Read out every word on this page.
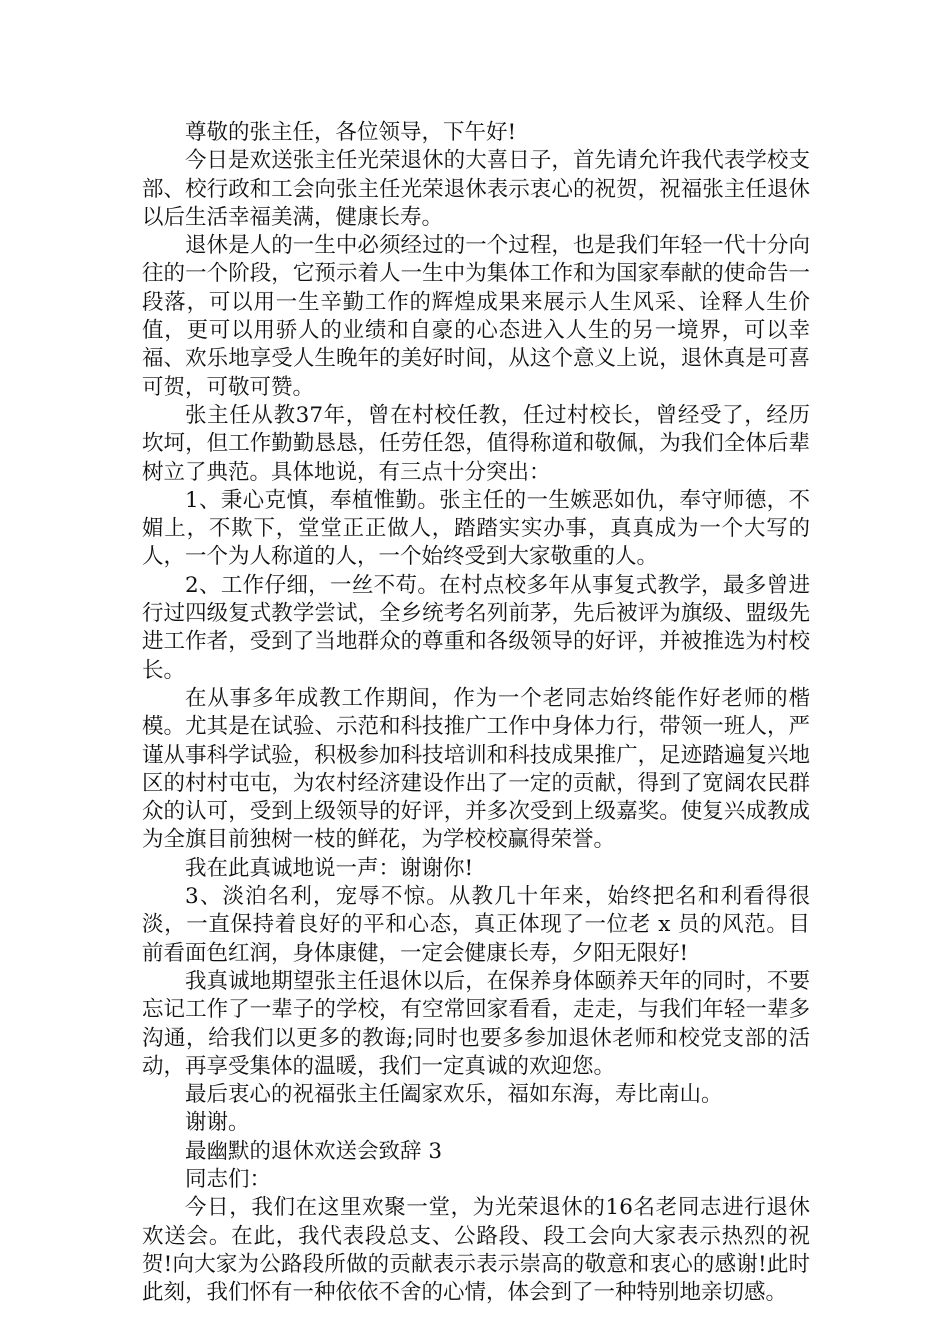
尊敬的张主任，各位领导，下午好!

今日是欢送张主任光荣退休的大喜日子，首先请允许我代表学校支部、校行政和工会向张主任光荣退休表示衷心的祝贺，祝福张主任退休以后生活幸福美满，健康长寿。

退休是人的一生中必须经过的一个过程，也是我们年轻一代十分向往的一个阶段，它预示着人一生中为集体工作和为国家奉献的使命告一段落，可以用一生辛勤工作的辉煌成果来展示人生风采、诠释人生价值，更可以用骄人的业绩和自豪的心态进入人生的另一境界，可以幸福、欢乐地享受人生晚年的美好时间，从这个意义上说，退休真是可喜可贺，可敬可赞。

张主任从教37年，曾在村校任教，任过村校长，曾经受了，经历坎坷，但工作勤勤恳恳，任劳任怨，值得称道和敬佩，为我们全体后辈树立了典范。具体地说，有三点十分突出：

1、秉心克慎，奉植惟勤。张主任的一生嫉恶如仇，奉守师德，不媚上，不欺下，堂堂正正做人，踏踏实实办事，真真成为一个大写的人，一个为人称道的人，一个始终受到大家敬重的人。

2、工作仔细，一丝不苟。在村点校多年从事复式教学，最多曾进行过四级复式教学尝试，全乡统考名列前茅，先后被评为旗级、盟级先进工作者，受到了当地群众的尊重和各级领导的好评，并被推选为村校长。

在从事多年成教工作期间，作为一个老同志始终能作好老师的楷模。尤其是在试验、示范和科技推广工作中身体力行，带领一班人，严谨从事科学试验，积极参加科技培训和科技成果推广，足迹踏遍复兴地区的村村屯屯，为农村经济建设作出了一定的贡献，得到了宽阔农民群众的认可，受到上级领导的好评，并多次受到上级嘉奖。使复兴成教成为全旗目前独树一枝的鲜花，为学校校赢得荣誉。

我在此真诚地说一声：谢谢你!

3、淡泊名利，宠辱不惊。从教几十年来，始终把名和利看得很淡，一直保持着良好的平和心态，真正体现了一位老 x 员的风范。目前看面色红润，身体康健，一定会健康长寿，夕阳无限好!

我真诚地期望张主任退休以后，在保养身体颐养天年的同时，不要忘记工作了一辈子的学校，有空常回家看看，走走，与我们年轻一辈多沟通，给我们以更多的教诲;同时也要多参加退休老师和校党支部的活动，再享受集体的温暖，我们一定真诚的欢迎您。

最后衷心的祝福张主任阖家欢乐，福如东海，寿比南山。

谢谢。

最幽默的退休欢送会致辞 3

同志们：

今日，我们在这里欢聚一堂，为光荣退休的16名老同志进行退休欢送会。在此，我代表段总支、公路段、段工会向大家表示热烈的祝贺!向大家为公路段所做的贡献表示表示崇高的敬意和衷心的感谢!此时此刻，我们怀有一种依依不舍的心情，体会到了一种特别地亲切感。
